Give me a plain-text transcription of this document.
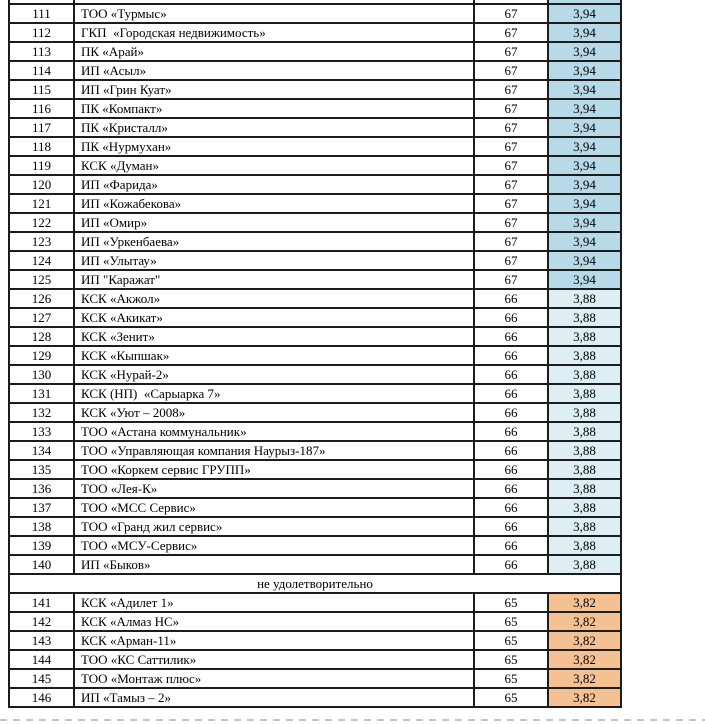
111	ТОО «Турмыс»	67	3,94
112	ГКП  «Городская недвижимость»	67	3,94
113	ПК «Арай»	67	3,94
114	ИП «Асыл»	67	3,94
115	ИП «Грин Куат»	67	3,94
116	ПК «Компакт»	67	3,94
117	ПК «Кристалл»	67	3,94
118	ПК «Нурмухан»	67	3,94
119	КСК «Думан»	67	3,94
120	ИП «Фарида»	67	3,94
121	ИП «Кожабекова»	67	3,94
122	ИП «Омир»	67	3,94
123	ИП «Уркенбаева»	67	3,94
124	ИП «Улытау»	67	3,94
125	ИП "Каражат"	67	3,94
126	КСК «Акжол»	66	3,88
127	КСК «Акикат»	66	3,88
128	КСК «Зенит»	66	3,88
129	КСК «Кыпшак»	66	3,88
130	КСК «Нурай-2»	66	3,88
131	КСК (НП)  «Сарыарка 7»	66	3,88
132	КСК «Уют – 2008»	66	3,88
133	ТОО «Астана коммунальник»	66	3,88
134	ТОО «Управляющая компания Наурыз-187»	66	3,88
135	ТОО «Коркем сервис ГРУПП»	66	3,88
136	ТОО «Лея-К»	66	3,88
137	ТОО «МСС Сервис»	66	3,88
138	ТОО «Гранд жил сервис»	66	3,88
139	ТОО «МСУ-Сервис»	66	3,88
140	ИП «Быков»	66	3,88
не удолетворительно			
141	КСК «Адилет 1»	65	3,82
142	КСК «Алмаз НС»	65	3,82
143	КСК «Арман-11»	65	3,82
144	ТОО «КС Саттилик»	65	3,82
145	ТОО «Монтаж плюс»	65	3,82
146	ИП «Тамыз – 2»	65	3,82
